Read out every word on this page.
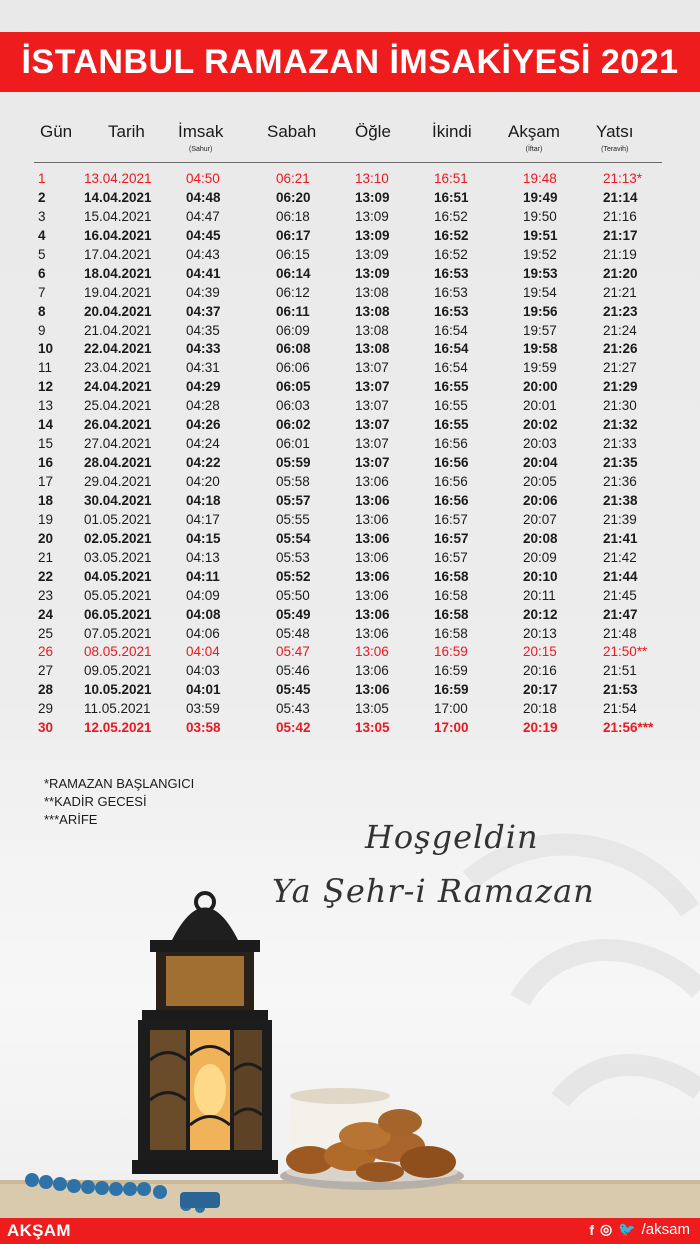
İSTANBUL RAMAZAN İMSAKİYESİ 2021
Gün Tarih İmsak
(Sahur)
Sabah Öğle İkindi Akşam
(İftar)
Yatsı
(Teravih)
1	13.04.2021	04:50	06:21	13:10	16:51	19:48	21:13*
2	14.04.2021	04:48	06:20	13:09	16:51	19:49	21:14
3	15.04.2021	04:47	06:18	13:09	16:52	19:50	21:16
4	16.04.2021	04:45	06:17	13:09	16:52	19:51	21:17
5	17.04.2021	04:43	06:15	13:09	16:52	19:52	21:19
6	18.04.2021	04:41	06:14	13:09	16:53	19:53	21:20
7	19.04.2021	04:39	06:12	13:08	16:53	19:54	21:21
8	20.04.2021	04:37	06:11	13:08	16:53	19:56	21:23
9	21.04.2021	04:35	06:09	13:08	16:54	19:57	21:24
10	22.04.2021	04:33	06:08	13:08	16:54	19:58	21:26
11	23.04.2021	04:31	06:06	13:07	16:54	19:59	21:27
12	24.04.2021	04:29	06:05	13:07	16:55	20:00	21:29
13	25.04.2021	04:28	06:03	13:07	16:55	20:01	21:30
14	26.04.2021	04:26	06:02	13:07	16:55	20:02	21:32
15	27.04.2021	04:24	06:01	13:07	16:56	20:03	21:33
16	28.04.2021	04:22	05:59	13:07	16:56	20:04	21:35
17	29.04.2021	04:20	05:58	13:06	16:56	20:05	21:36
18	30.04.2021	04:18	05:57	13:06	16:56	20:06	21:38
19	01.05.2021	04:17	05:55	13:06	16:57	20:07	21:39
20	02.05.2021	04:15	05:54	13:06	16:57	20:08	21:41
21	03.05.2021	04:13	05:53	13:06	16:57	20:09	21:42
22	04.05.2021	04:11	05:52	13:06	16:58	20:10	21:44
23	05.05.2021	04:09	05:50	13:06	16:58	20:11	21:45
24	06.05.2021	04:08	05:49	13:06	16:58	20:12	21:47
25	07.05.2021	04:06	05:48	13:06	16:58	20:13	21:48
26	08.05.2021	04:04	05:47	13:06	16:59	20:15	21:50**
27	09.05.2021	04:03	05:46	13:06	16:59	20:16	21:51
28	10.05.2021	04:01	05:45	13:06	16:59	20:17	21:53
29	11.05.2021	03:59	05:43	13:05	17:00	20:18	21:54
30	12.05.2021	03:58	05:42	13:05	17:00	20:19	21:56***
*RAMAZAN BAŞLANGICI
**KADİR GECESİ
***ARİFE	Hoşgeldin
Ya Şehr-i Ramazan
AKŞAM	f ◎ 🐦 /aksam
